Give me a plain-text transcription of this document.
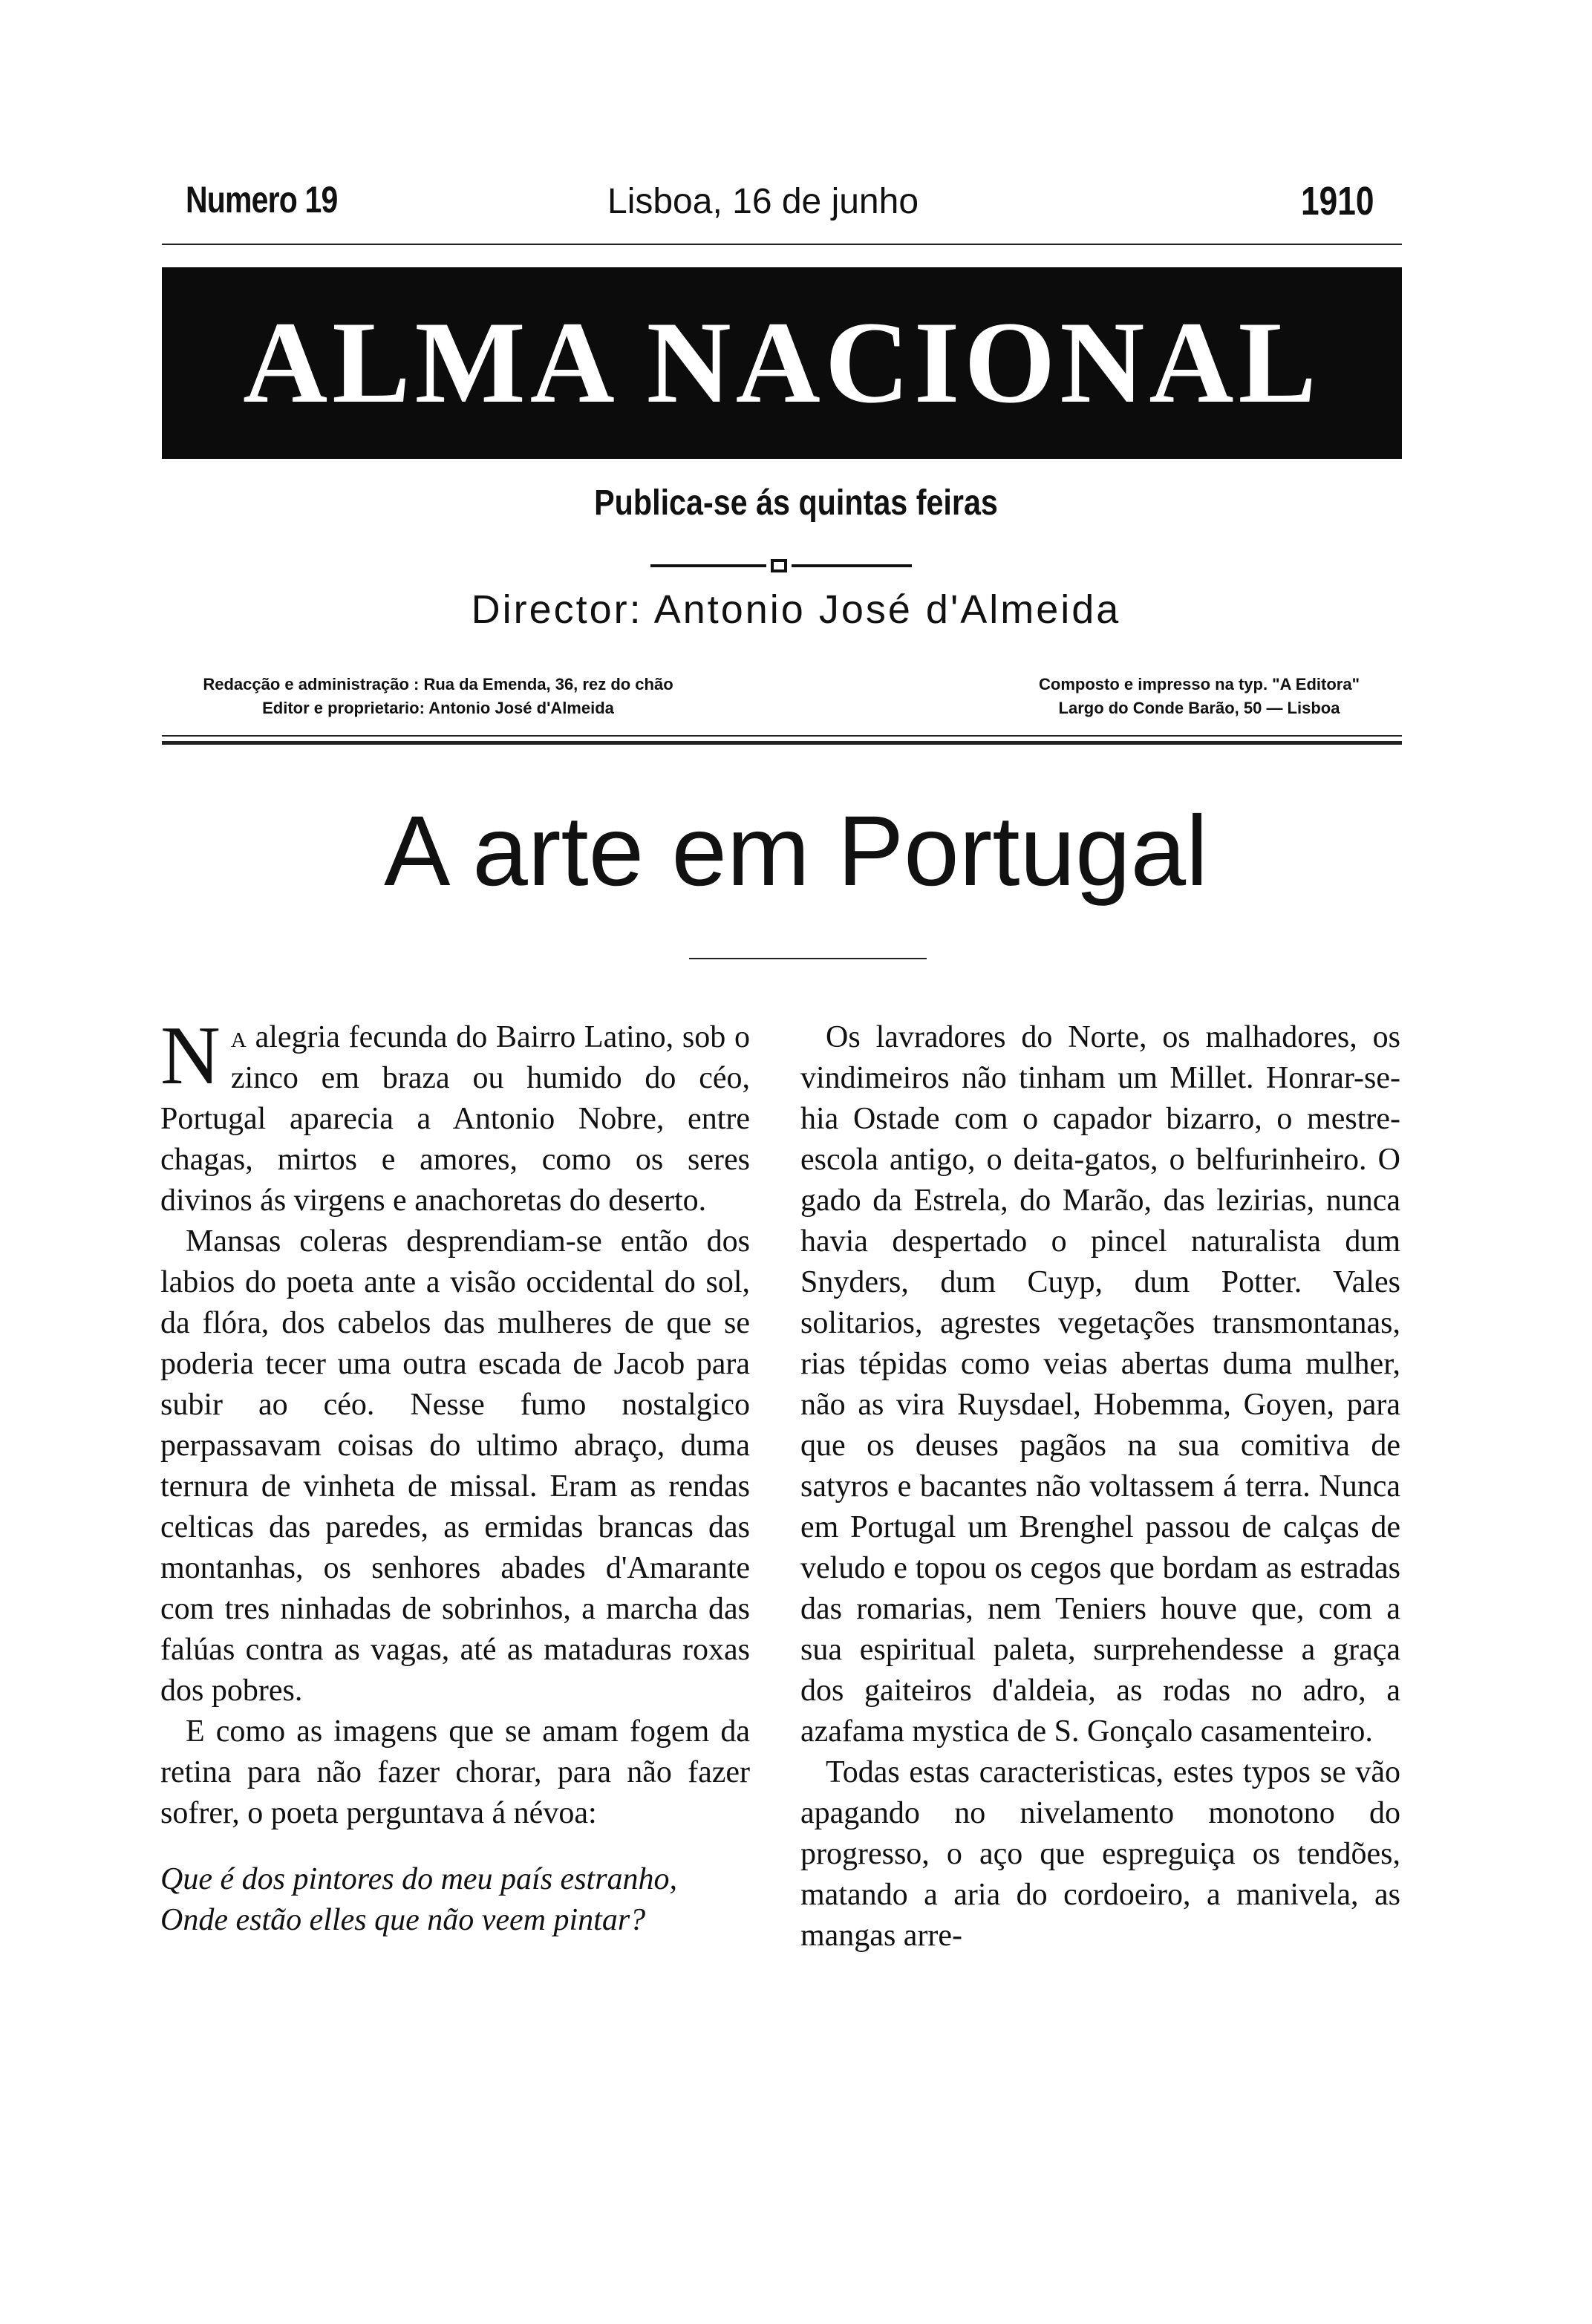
Numero 19	Lisboa, 16 de junho	1910
ALMA NACIONAL
Publica-se ás quintas feiras
Director: Antonio José d'Almeida
Redacção e administração : Rua da Emenda, 36, rez do chão
Editor e proprietario: Antonio José d'Almeida
Composto e impresso na typ. "A Editora"
Largo do Conde Barão, 50 — Lisboa
A arte em Portugal

Na alegria fecunda do Bairro Latino, sob o zinco em braza ou humido do céo, Portugal aparecia a Antonio Nobre, entre chagas, mirtos e amores, como os seres divinos ás virgens e anachoretas do deserto.

Mansas coleras desprendiam-se então dos labios do poeta ante a visão occidental do sol, da flóra, dos cabelos das mulheres de que se poderia tecer uma outra escada de Jacob para subir ao céo. Nesse fumo nostalgico perpassavam coisas do ultimo abraço, duma ternura de vinheta de missal. Eram as rendas celticas das paredes, as ermidas brancas das montanhas, os senhores abades d'Amarante com tres ninhadas de sobrinhos, a marcha das falúas contra as vagas, até as mataduras roxas dos pobres.

E como as imagens que se amam fogem da retina para não fazer chorar, para não fazer sofrer, o poeta perguntava á névoa:

Que é dos pintores do meu país estranho,
Onde estão elles que não veem pintar?

Os lavradores do Norte, os malhadores, os vindimeiros não tinham um Millet. Honrar-se-hia Ostade com o capador bizarro, o mestre-escola antigo, o deita-gatos, o belfurinheiro. O gado da Estrela, do Marão, das lezirias, nunca havia despertado o pincel naturalista dum Snyders, dum Cuyp, dum Potter. Vales solitarios, agrestes vegetações transmontanas, rias tépidas como veias abertas duma mulher, não as vira Ruysdael, Hobemma, Goyen, para que os deuses pagãos na sua comitiva de satyros e bacantes não voltassem á terra. Nunca em Portugal um Brenghel passou de calças de veludo e topou os cegos que bordam as estradas das romarias, nem Teniers houve que, com a sua espiritual paleta, surprehendesse a graça dos gaiteiros d'aldeia, as rodas no adro, a azafama mystica de S. Gonçalo casamenteiro.

Todas estas caracteristicas, estes typos se vão apagando no nivelamento monotono do progresso, o aço que espreguiça os tendões, matando a aria do cordoeiro, a manivela, as mangas arre-
